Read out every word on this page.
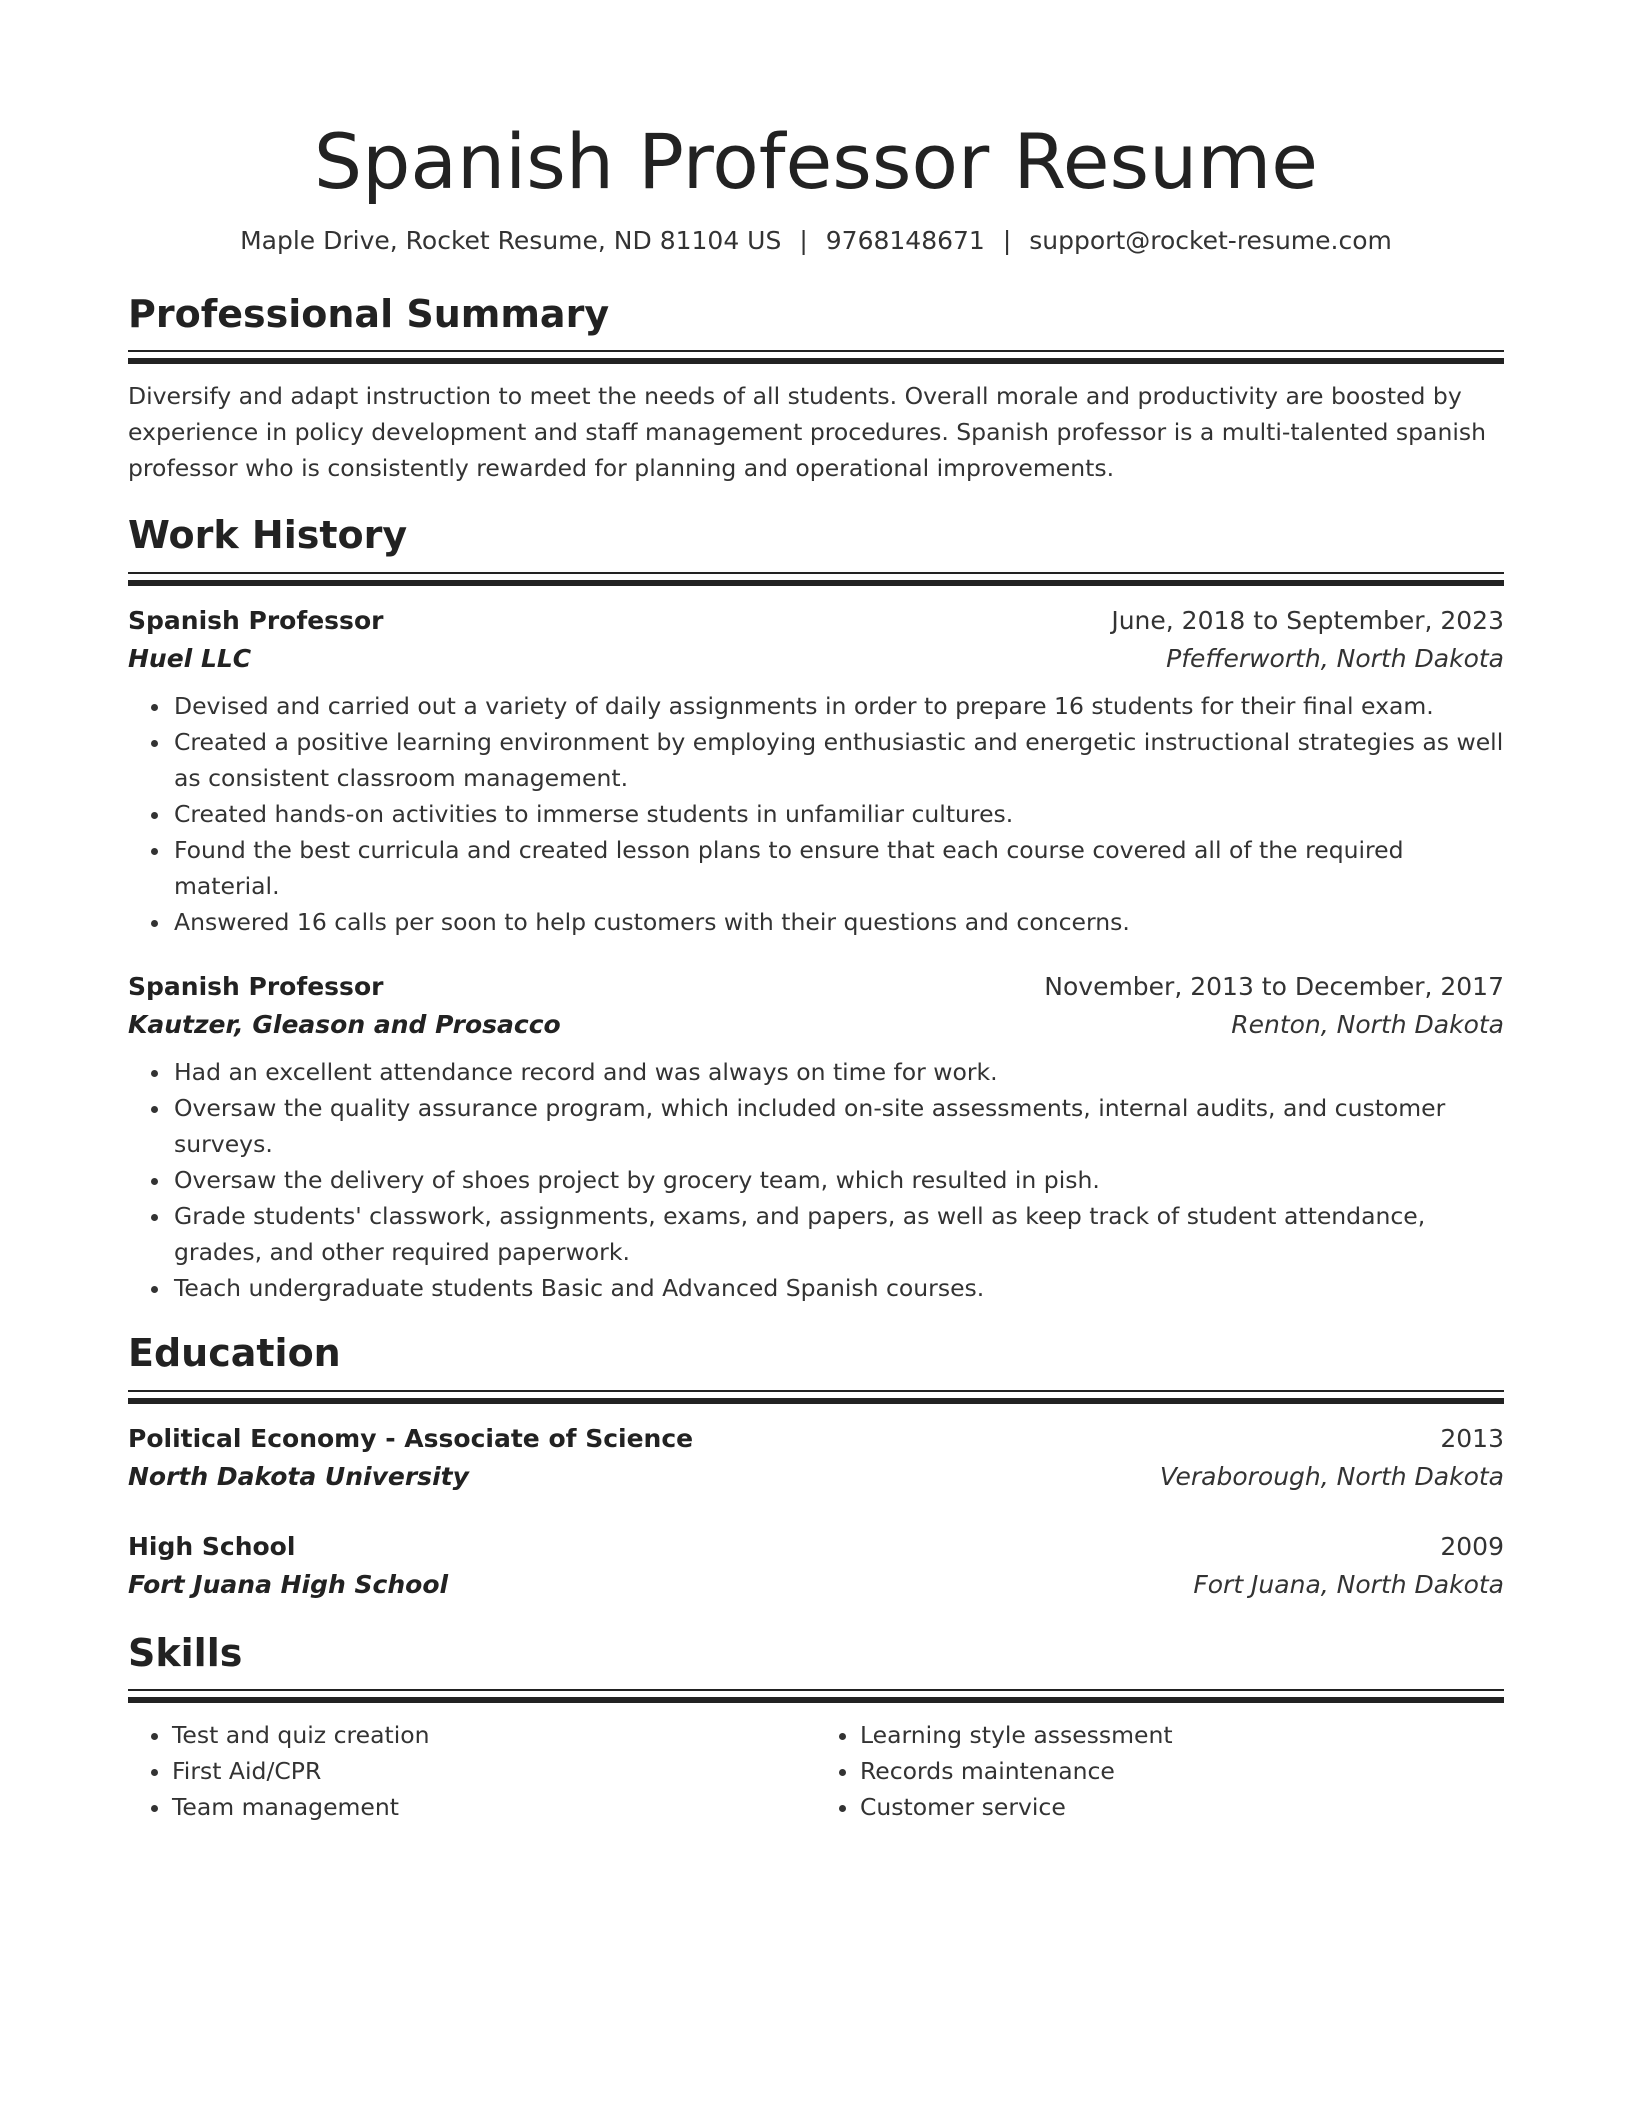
Spanish Professor Resume
Maple Drive, Rocket Resume, ND 81104 US | 9768148671 | support@rocket-resume.com
Professional Summary
Diversify and adapt instruction to meet the needs of all students. Overall morale and productivity are boosted by experience in policy development and staff management procedures. Spanish professor is a multi-talented spanish professor who is consistently rewarded for planning and operational improvements.
Work History
Spanish Professor	June, 2018 to September, 2023
Huel LLC	Pfefferworth, North Dakota
• Devised and carried out a variety of daily assignments in order to prepare 16 students for their final exam.
• Created a positive learning environment by employing enthusiastic and energetic instructional strategies as well as consistent classroom management.
• Created hands-on activities to immerse students in unfamiliar cultures.
• Found the best curricula and created lesson plans to ensure that each course covered all of the required material.
• Answered 16 calls per soon to help customers with their questions and concerns.
Spanish Professor	November, 2013 to December, 2017
Kautzer, Gleason and Prosacco	Renton, North Dakota
• Had an excellent attendance record and was always on time for work.
• Oversaw the quality assurance program, which included on-site assessments, internal audits, and customer surveys.
• Oversaw the delivery of shoes project by grocery team, which resulted in pish.
• Grade students' classwork, assignments, exams, and papers, as well as keep track of student attendance, grades, and other required paperwork.
• Teach undergraduate students Basic and Advanced Spanish courses.
Education
Political Economy - Associate of Science	2013
North Dakota University	Veraborough, North Dakota
High School	2009
Fort Juana High School	Fort Juana, North Dakota
Skills
• Test and quiz creation
• First Aid/CPR
• Team management
• Learning style assessment
• Records maintenance
• Customer service
